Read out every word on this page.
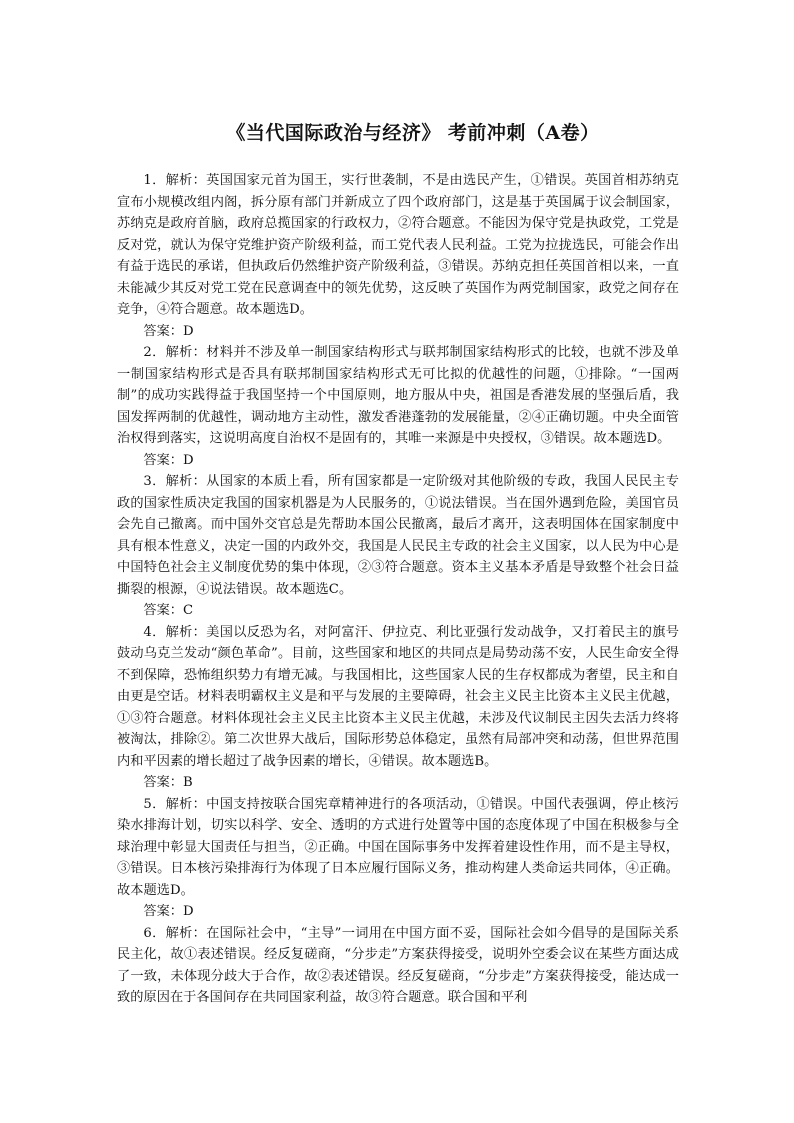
《当代国际政治与经济》 考前冲刺（A卷）

1．解析：英国国家元首为国王，实行世袭制，不是由选民产生，①错误。英国首相苏纳克宣布小规模改组内阁，拆分原有部门并新成立了四个政府部门，这是基于英国属于议会制国家，苏纳克是政府首脑，政府总揽国家的行政权力，②符合题意。不能因为保守党是执政党，工党是反对党，就认为保守党维护资产阶级利益，而工党代表人民利益。工党为拉拢选民，可能会作出有益于选民的承诺，但执政后仍然维护资产阶级利益，③错误。苏纳克担任英国首相以来，一直未能减少其反对党工党在民意调查中的领先优势，这反映了英国作为两党制国家，政党之间存在竞争，④符合题意。故本题选D。

答案：D

2．解析：材料并不涉及单一制国家结构形式与联邦制国家结构形式的比较，也就不涉及单一制国家结构形式是否具有联邦制国家结构形式无可比拟的优越性的问题，①排除。“一国两制”的成功实践得益于我国坚持一个中国原则，地方服从中央，祖国是香港发展的坚强后盾，我国发挥两制的优越性，调动地方主动性，激发香港蓬勃的发展能量，②④正确切题。中央全面管治权得到落实，这说明高度自治权不是固有的，其唯一来源是中央授权，③错误。故本题选D。

答案：D

3．解析：从国家的本质上看，所有国家都是一定阶级对其他阶级的专政，我国人民民主专政的国家性质决定我国的国家机器是为人民服务的，①说法错误。当在国外遇到危险，美国官员会先自己撤离。而中国外交官总是先帮助本国公民撤离，最后才离开，这表明国体在国家制度中具有根本性意义，决定一国的内政外交，我国是人民民主专政的社会主义国家，以人民为中心是中国特色社会主义制度优势的集中体现，②③符合题意。资本主义基本矛盾是导致整个社会日益撕裂的根源，④说法错误。故本题选C。

答案：C

4．解析：美国以反恐为名，对阿富汗、伊拉克、利比亚强行发动战争，又打着民主的旗号鼓动乌克兰发动“颜色革命”。目前，这些国家和地区的共同点是局势动荡不安，人民生命安全得不到保障，恐怖组织势力有增无减。与我国相比，这些国家人民的生存权都成为奢望，民主和自由更是空话。材料表明霸权主义是和平与发展的主要障碍，社会主义民主比资本主义民主优越，①③符合题意。材料体现社会主义民主比资本主义民主优越，未涉及代议制民主因失去活力终将被淘汰，排除②。第二次世界大战后，国际形势总体稳定，虽然有局部冲突和动荡，但世界范围内和平因素的增长超过了战争因素的增长，④错误。故本题选B。

答案：B

5．解析：中国支持按联合国宪章精神进行的各项活动，①错误。中国代表强调，停止核污染水排海计划，切实以科学、安全、透明的方式进行处置等中国的态度体现了中国在积极参与全球治理中彰显大国责任与担当，②正确。中国在国际事务中发挥着建设性作用，而不是主导权，③错误。日本核污染排海行为体现了日本应履行国际义务，推动构建人类命运共同体，④正确。故本题选D。

答案：D

6．解析：在国际社会中，“主导”一词用在中国方面不妥，国际社会如今倡导的是国际关系民主化，故①表述错误。经反复磋商，“分步走”方案获得接受，说明外空委会议在某些方面达成了一致，未体现分歧大于合作，故②表述错误。经反复磋商，“分步走”方案获得接受，能达成一致的原因在于各国间存在共同国家利益，故③符合题意。联合国和平利
